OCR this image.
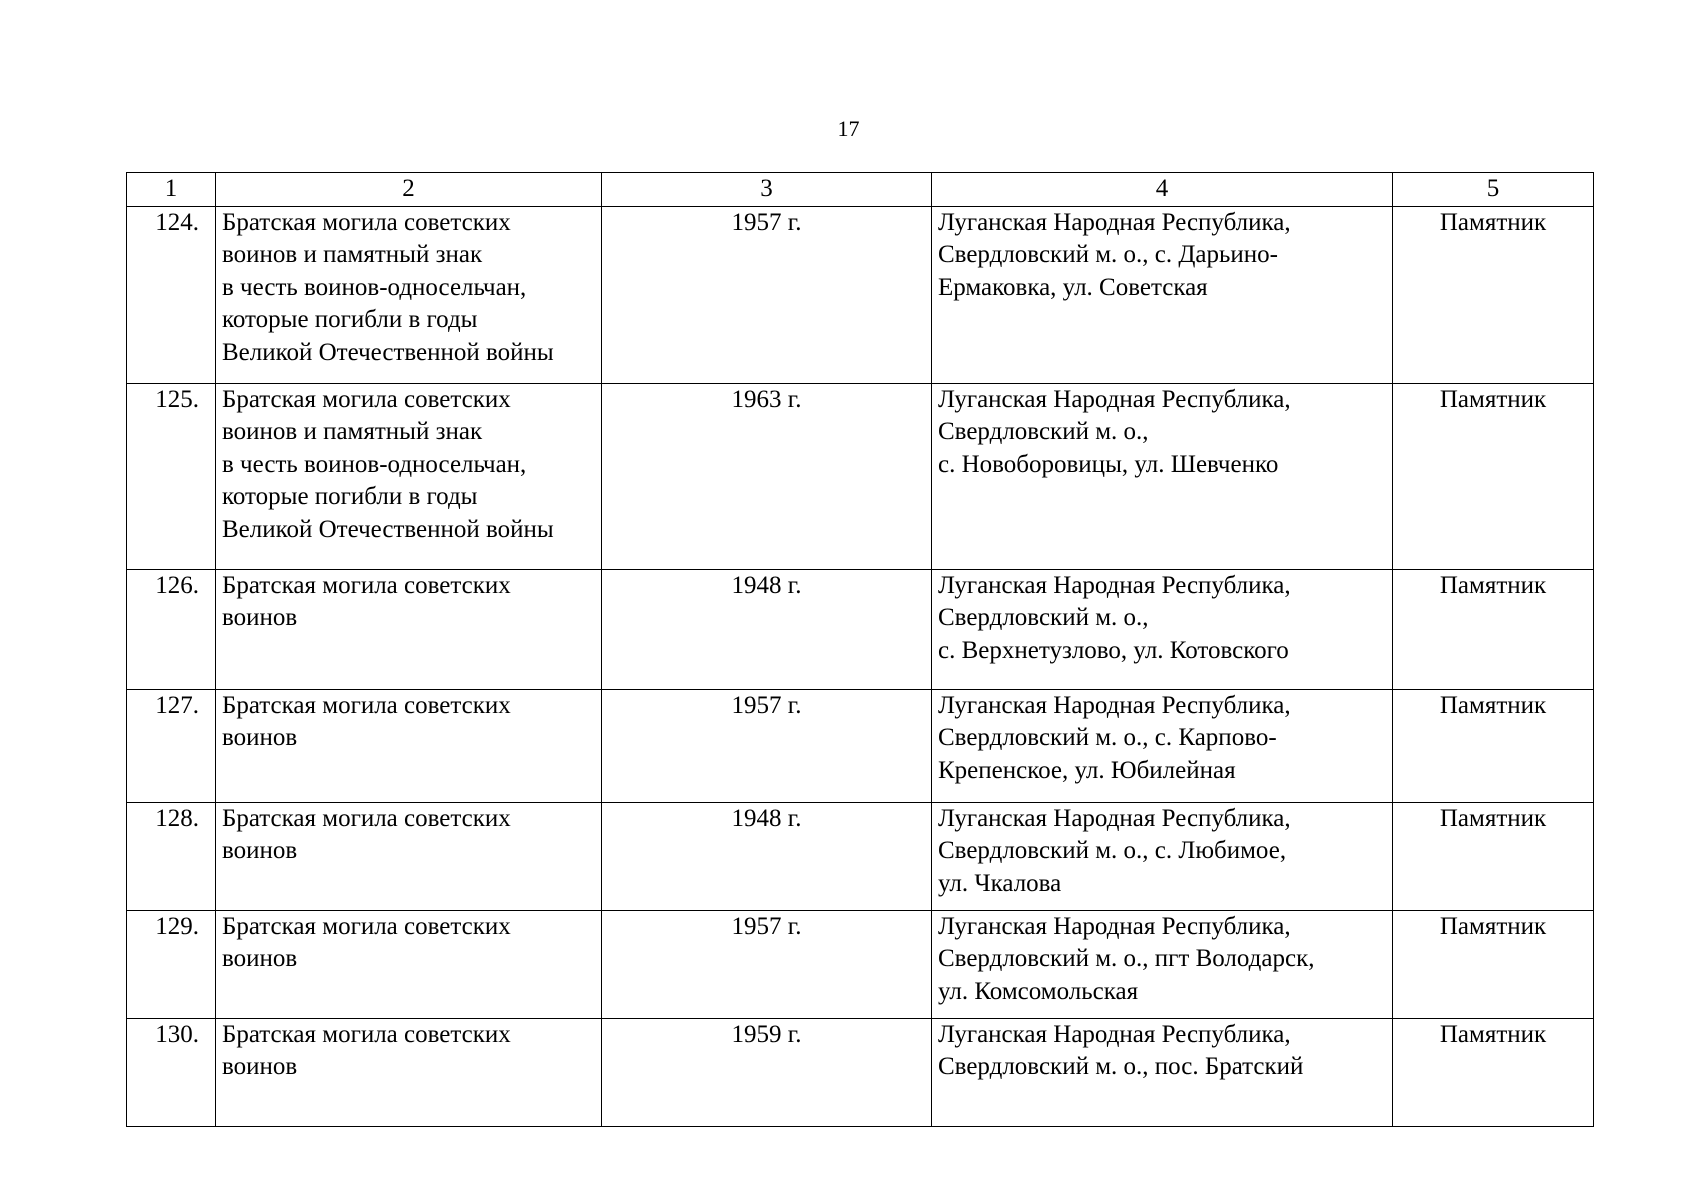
17
1	2	3	4	5
124.	Братская могила советских
воинов и памятный знак
в честь воинов-односельчан,
которые погибли в годы
Великой Отечественной войны	1957 г.	Луганская Народная Республика,
Свердловский м. о., с. Дарьино-
Ермаковка, ул. Советская	Памятник
125.	Братская могила советских
воинов и памятный знак
в честь воинов-односельчан,
которые погибли в годы
Великой Отечественной войны	1963 г.	Луганская Народная Республика,
Свердловский м. о.,
с. Новоборовицы, ул. Шевченко	Памятник
126.	Братская могила советских
воинов	1948 г.	Луганская Народная Республика,
Свердловский м. о.,
с. Верхнетузлово, ул. Котовского	Памятник
127.	Братская могила советских
воинов	1957 г.	Луганская Народная Республика,
Свердловский м. о., с. Карпово-
Крепенское, ул. Юбилейная	Памятник
128.	Братская могила советских
воинов	1948 г.	Луганская Народная Республика,
Свердловский м. о., с. Любимое,
ул. Чкалова	Памятник
129.	Братская могила советских
воинов	1957 г.	Луганская Народная Республика,
Свердловский м. о., пгт Володарск,
ул. Комсомольская	Памятник
130.	Братская могила советских
воинов	1959 г.	Луганская Народная Республика,
Свердловский м. о., пос. Братский	Памятник
